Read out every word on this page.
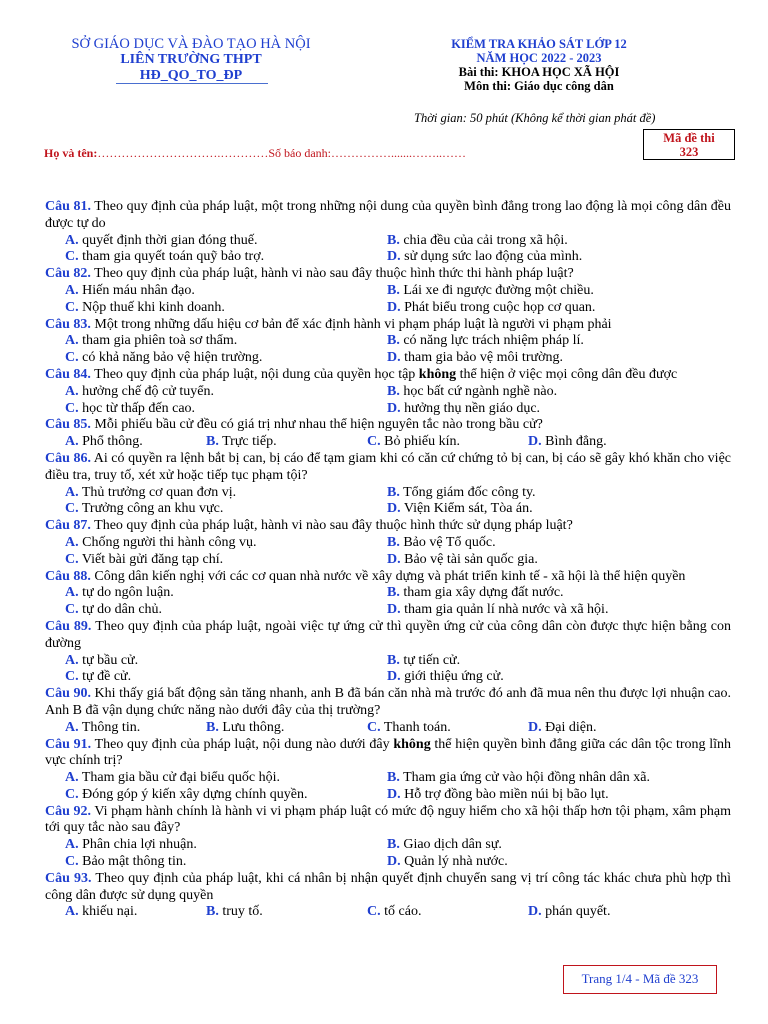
SỞ GIÁO DỤC VÀ ĐÀO TẠO HÀ NỘI
LIÊN TRƯỜNG THPT
HĐ_QO_TO_ĐP
KIỂM TRA KHẢO SÁT LỚP 12
NĂM HỌC 2022 - 2023
Bài thi: KHOA HỌC XÃ HỘI
Môn thi: Giáo dục công dân
Thời gian: 50 phút (Không kể thời gian phát đề)
Mã đề thi
323
Họ và tên:………………………….…………Số báo danh:…………….......……..……

Câu 81. Theo quy định của pháp luật, một trong những nội dung của quyền bình đẳng trong lao động là mọi công dân đều được tự do

A. quyết định thời gian đóng thuế.	B. chia đều của cải trong xã hội.
C. tham gia quyết toán quỹ bảo trợ.	D. sử dụng sức lao động của mình.

Câu 82. Theo quy định của pháp luật, hành vi nào sau đây thuộc hình thức thi hành pháp luật?

A. Hiến máu nhân đạo.	B. Lái xe đi ngược đường một chiều.
C. Nộp thuế khi kinh doanh.	D. Phát biểu trong cuộc họp cơ quan.

Câu 83. Một trong những dấu hiệu cơ bản để xác định hành vi phạm pháp luật là người vi phạm phải

A. tham gia phiên toà sơ thẩm.	B. có năng lực trách nhiệm pháp lí.
C. có khả năng bảo vệ hiện trường.	D. tham gia bảo vệ môi trường.

Câu 84. Theo quy định của pháp luật, nội dung của quyền học tập không thể hiện ở việc mọi công dân đều được

A. hưởng chế độ cử tuyển.	B. học bất cứ ngành nghề nào.
C. học từ thấp đến cao.	D. hưởng thụ nền giáo dục.

Câu 85. Mỗi phiếu bầu cử đều có giá trị như nhau thể hiện nguyên tắc nào trong bầu cử?

A. Phổ thông.	B. Trực tiếp.	C. Bỏ phiếu kín.	D. Bình đẳng.

Câu 86. Ai có quyền ra lệnh bắt bị can, bị cáo để tạm giam khi có căn cứ chứng tỏ bị can, bị cáo sẽ gây khó khăn cho việc điều tra, truy tố, xét xử hoặc tiếp tục phạm tội?

A. Thủ trưởng cơ quan đơn vị.	B. Tổng giám đốc công ty.
C. Trưởng công an khu vực.	D. Viện Kiểm sát, Tòa án.

Câu 87. Theo quy định của pháp luật, hành vi nào sau đây thuộc hình thức sử dụng pháp luật?

A. Chống người thi hành công vụ.	B. Bảo vệ Tổ quốc.
C. Viết bài gửi đăng tạp chí.	D. Bảo vệ tài sản quốc gia.

Câu 88. Công dân kiến nghị với các cơ quan nhà nước về xây dựng và phát triển kinh tế - xã hội là thể hiện quyền

A. tự do ngôn luận.	B. tham gia xây dựng đất nước.
C. tự do dân chủ.	D. tham gia quản lí nhà nước và xã hội.

Câu 89. Theo quy định của pháp luật, ngoài việc tự ứng cử thì quyền ứng cử của công dân còn được thực hiện bằng con đường

A. tự bầu cử.	B. tự tiến cử.
C. tự đề cử.	D. giới thiệu ứng cử.

Câu 90. Khi thấy giá bất động sản tăng nhanh, anh B đã bán căn nhà mà trước đó anh đã mua nên thu được lợi nhuận cao. Anh B đã vận dụng chức năng nào dưới đây của thị trường?

A. Thông tin.	B. Lưu thông.	C. Thanh toán.	D. Đại diện.

Câu 91. Theo quy định của pháp luật, nội dung nào dưới đây không thể hiện quyền bình đẳng giữa các dân tộc trong lĩnh vực chính trị?

A. Tham gia bầu cử đại biểu quốc hội.	B. Tham gia ứng cử vào hội đồng nhân dân xã.
C. Đóng góp ý kiến xây dựng chính quyền.	D. Hỗ trợ đồng bào miền núi bị bão lụt.

Câu 92. Vi phạm hành chính là hành vi vi phạm pháp luật có mức độ nguy hiểm cho xã hội thấp hơn tội phạm, xâm phạm tới quy tắc nào sau đây?

A. Phân chia lợi nhuận.	B. Giao dịch dân sự.
C. Bảo mật thông tin.	D. Quản lý nhà nước.

Câu 93. Theo quy định của pháp luật, khi cá nhân bị nhận quyết định chuyển sang vị trí công tác khác chưa phù hợp thì công dân được sử dụng quyền

A. khiếu nại.	B. truy tố.	C. tố cáo.	D. phán quyết.
Trang 1/4 - Mã đề 323
